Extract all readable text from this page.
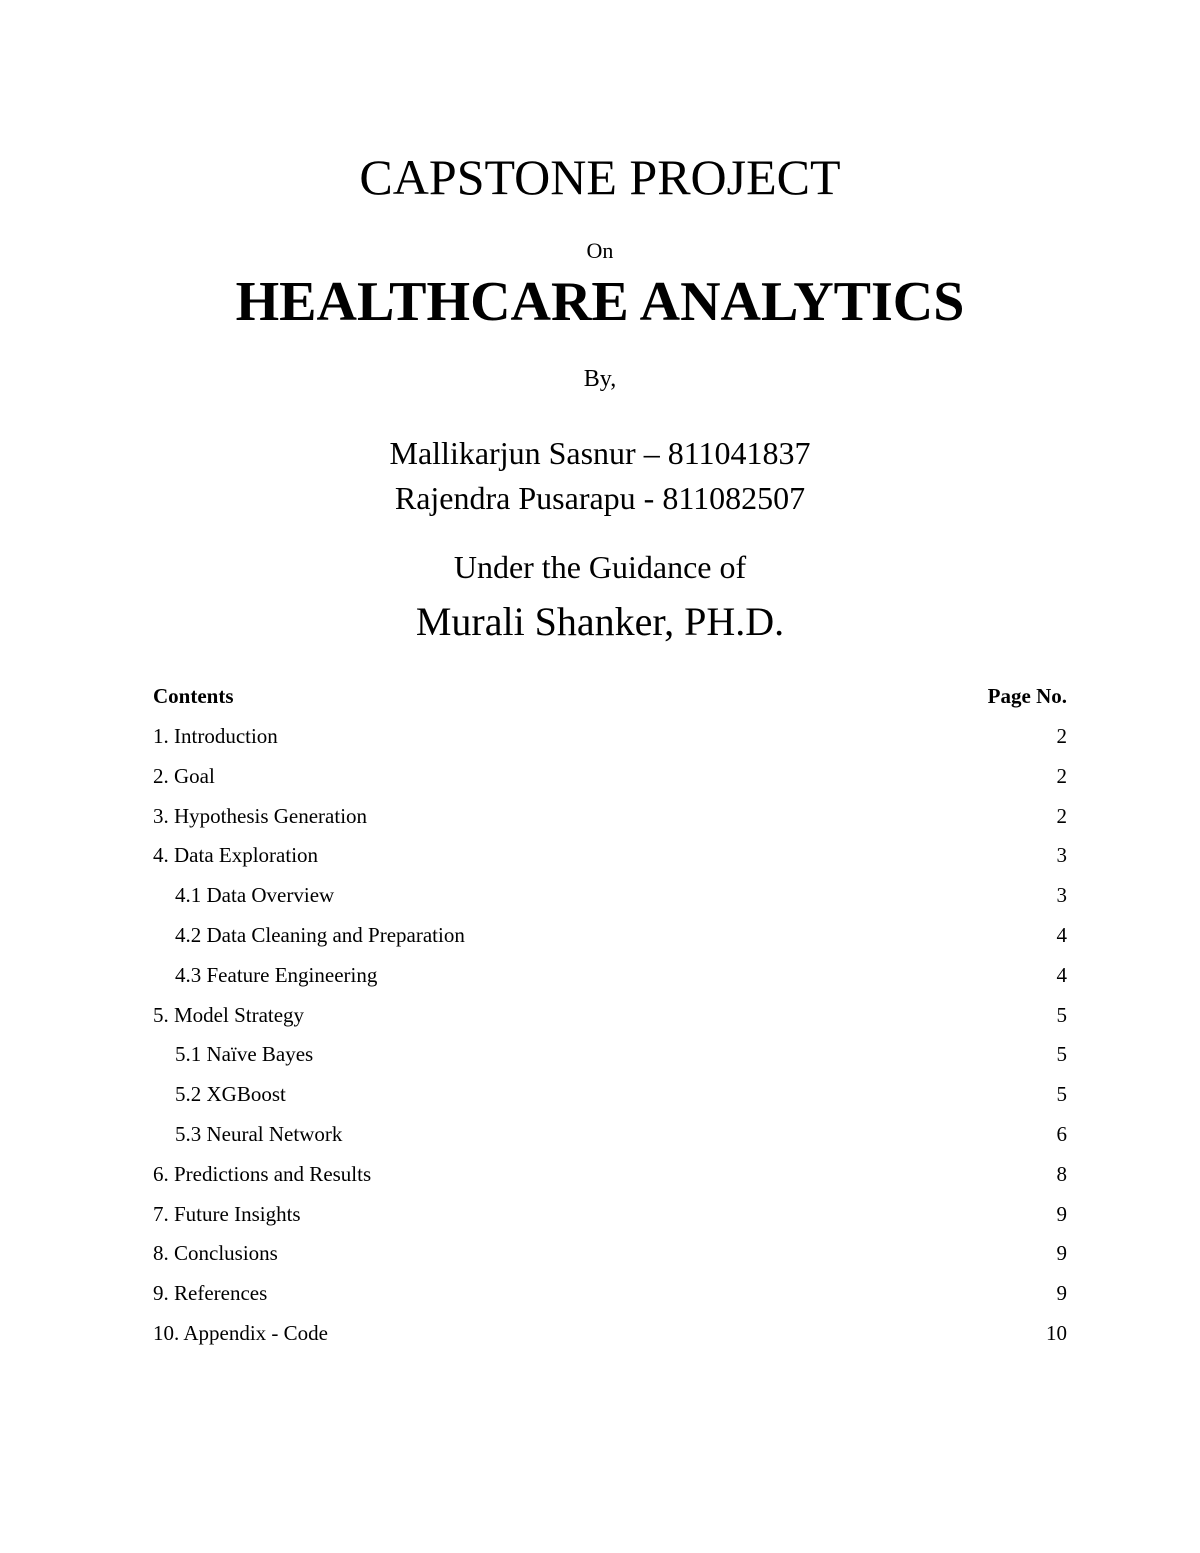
CAPSTONE PROJECT
On
HEALTHCARE ANALYTICS
By,
Mallikarjun Sasnur – 811041837
Rajendra Pusarapu - 811082507
Under the Guidance of
Murali Shanker, PH.D.
Contents	Page No.
1. Introduction	2
2. Goal	2
3. Hypothesis Generation	2
4. Data Exploration	3
4.1 Data Overview	3
4.2 Data Cleaning and Preparation	4
4.3 Feature Engineering	4
5. Model Strategy	5
5.1 Naïve Bayes	5
5.2 XGBoost	5
5.3 Neural Network	6
6. Predictions and Results	8
7. Future Insights	9
8. Conclusions	9
9. References	9
10. Appendix - Code	10
